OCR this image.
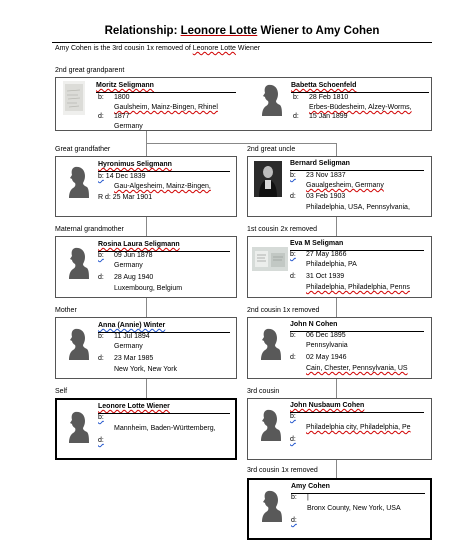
Relationship: Leonore Lotte Wiener to Amy Cohen
Amy Cohen is the 3rd cousin 1x removed of Leonore Lotte Wiener
2nd great grandparent
Great grandfather	2nd great uncle
Maternal grandmother	1st cousin 2x removed
Mother	2nd cousin 1x removed
Self	3rd cousin
3rd cousin 1x removed
Moritz Seligmann
b: 1800
Gaulsheim, Mainz-Bingen, Rhinel
d: 1877
Germany
Babetta Schoenfeld
b: 28 Feb 1810
Erbes-Büdesheim, Alzey-Worms,
d: 15 Jan 1899
Hyronimus Seligmann
b: 14 Dec 1839
Gau-Algesheim, Mainz-Bingen,
R d: 25 Mar 1901
Bernard Seligman
b: 23 Nov 1837
Gaualgesheim, Germany
d: 03 Feb 1903
Philadelphia, USA, Pennsylvania,
Rosina Laura Seligmann
b: 09 Jun 1878
Germany
d: 28 Aug 1940
Luxembourg, Belgium
Eva M Seligman
b: 27 May 1866
Philadelphia, PA
d: 31 Oct 1939
Philadelphia, Philadelphia, Penns
Anna (Annie) Winter
b: 11 Jul 1894
Germany
d: 23 Mar 1985
New York, New York
John N Cohen
b: 06 Dec 1895
Pennsylvania
d: 02 May 1946
Cain, Chester, Pennsylvania, US
Leonore Lotte Wiener
b:
Mannheim, Baden-Württemberg,
d:
John Nusbaum Cohen
b:
Philadelphia city, Philadelphia, Pe
d:
Amy Cohen
b: |
Bronx County, New York, USA
d:
